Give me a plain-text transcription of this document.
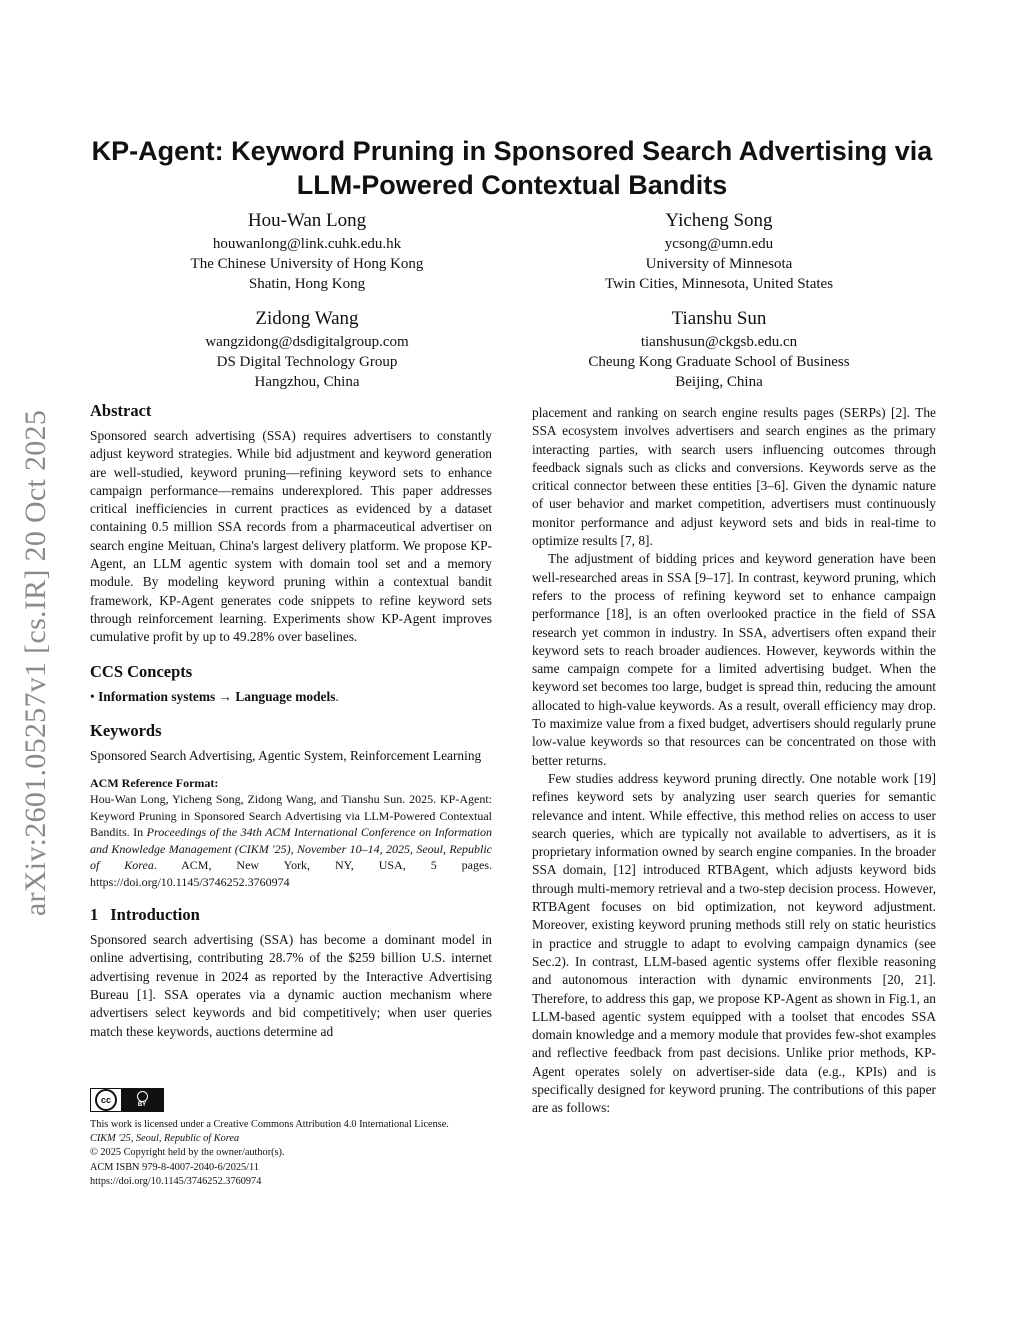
arXiv:2601.05257v1 [cs.IR] 20 Oct 2025
KP-Agent: Keyword Pruning in Sponsored Search Advertising via
LLM-Powered Contextual Bandits
Hou-Wan Long
houwanlong@link.cuhk.edu.hk
The Chinese University of Hong Kong
Shatin, Hong Kong
Yicheng Song
ycsong@umn.edu
University of Minnesota
Twin Cities, Minnesota, United States
Zidong Wang
wangzidong@dsdigitalgroup.com
DS Digital Technology Group
Hangzhou, China
Tianshu Sun
tianshusun@ckgsb.edu.cn
Cheung Kong Graduate School of Business
Beijing, China
Abstract

Sponsored search advertising (SSA) requires advertisers to constantly adjust keyword strategies. While bid adjustment and keyword generation are well-studied, keyword pruning—refining keyword sets to enhance campaign performance—remains underexplored. This paper addresses critical inefficiencies in current practices as evidenced by a dataset containing 0.5 million SSA records from a pharmaceutical advertiser on search engine Meituan, China's largest delivery platform. We propose KP-Agent, an LLM agentic system with domain tool set and a memory module. By modeling keyword pruning within a contextual bandit framework, KP-Agent generates code snippets to refine keyword sets through reinforcement learning. Experiments show KP-Agent improves cumulative profit by up to 49.28% over baselines.

CCS Concepts
• Information systems → Language models.
Keywords

Sponsored Search Advertising, Agentic System, Reinforcement Learning

ACM Reference Format:

Hou-Wan Long, Yicheng Song, Zidong Wang, and Tianshu Sun. 2025. KP-Agent: Keyword Pruning in Sponsored Search Advertising via LLM-Powered Contextual Bandits. In Proceedings of the 34th ACM International Conference on Information and Knowledge Management (CIKM '25), November 10–14, 2025, Seoul, Republic of Korea. ACM, New York, NY, USA, 5 pages. https://doi.org/10.1145/3746252.3760974

1 Introduction

Sponsored search advertising (SSA) has become a dominant model in online advertising, contributing 28.7% of the $259 billion U.S. internet advertising revenue in 2024 as reported by the Interactive Advertising Bureau [1]. SSA operates via a dynamic auction mechanism where advertisers select keywords and bid competitively; when user queries match these keywords, auctions determine ad

cc	BY
This work is licensed under a Creative Commons Attribution 4.0 International License.
CIKM '25, Seoul, Republic of Korea
© 2025 Copyright held by the owner/author(s).
ACM ISBN 979-8-4007-2040-6/2025/11
https://doi.org/10.1145/3746252.3760974

placement and ranking on search engine results pages (SERPs) [2]. The SSA ecosystem involves advertisers and search engines as the primary interacting parties, with search users influencing outcomes through feedback signals such as clicks and conversions. Keywords serve as the critical connector between these entities [3–6]. Given the dynamic nature of user behavior and market competition, advertisers must continuously monitor performance and adjust keyword sets and bids in real-time to optimize results [7, 8].

The adjustment of bidding prices and keyword generation have been well-researched areas in SSA [9–17]. In contrast, keyword pruning, which refers to the process of refining keyword set to enhance campaign performance [18], is an often overlooked practice in the field of SSA research yet common in industry. In SSA, advertisers often expand their keyword sets to reach broader audiences. However, keywords within the same campaign compete for a limited advertising budget. When the keyword set becomes too large, budget is spread thin, reducing the amount allocated to high-value keywords. As a result, overall efficiency may drop. To maximize value from a fixed budget, advertisers should regularly prune low-value keywords so that resources can be concentrated on those with better returns.

Few studies address keyword pruning directly. One notable work [19] refines keyword sets by analyzing user search queries for semantic relevance and intent. While effective, this method relies on access to user search queries, which are typically not available to advertisers, as it is proprietary information owned by search engine companies. In the broader SSA domain, [12] introduced RTBAgent, which adjusts keyword bids through multi-memory retrieval and a two-step decision process. However, RTBAgent focuses on bid optimization, not keyword adjustment. Moreover, existing keyword pruning methods still rely on static heuristics in practice and struggle to adapt to evolving campaign dynamics (see Sec.2). In contrast, LLM-based agentic systems offer flexible reasoning and autonomous interaction with dynamic environments [20, 21]. Therefore, to address this gap, we propose KP-Agent as shown in Fig.1, an LLM-based agentic system equipped with a toolset that encodes SSA domain knowledge and a memory module that provides few-shot examples and reflective feedback from past decisions. Unlike prior methods, KP-Agent operates solely on advertiser-side data (e.g., KPIs) and is specifically designed for keyword pruning. The contributions of this paper are as follows:
